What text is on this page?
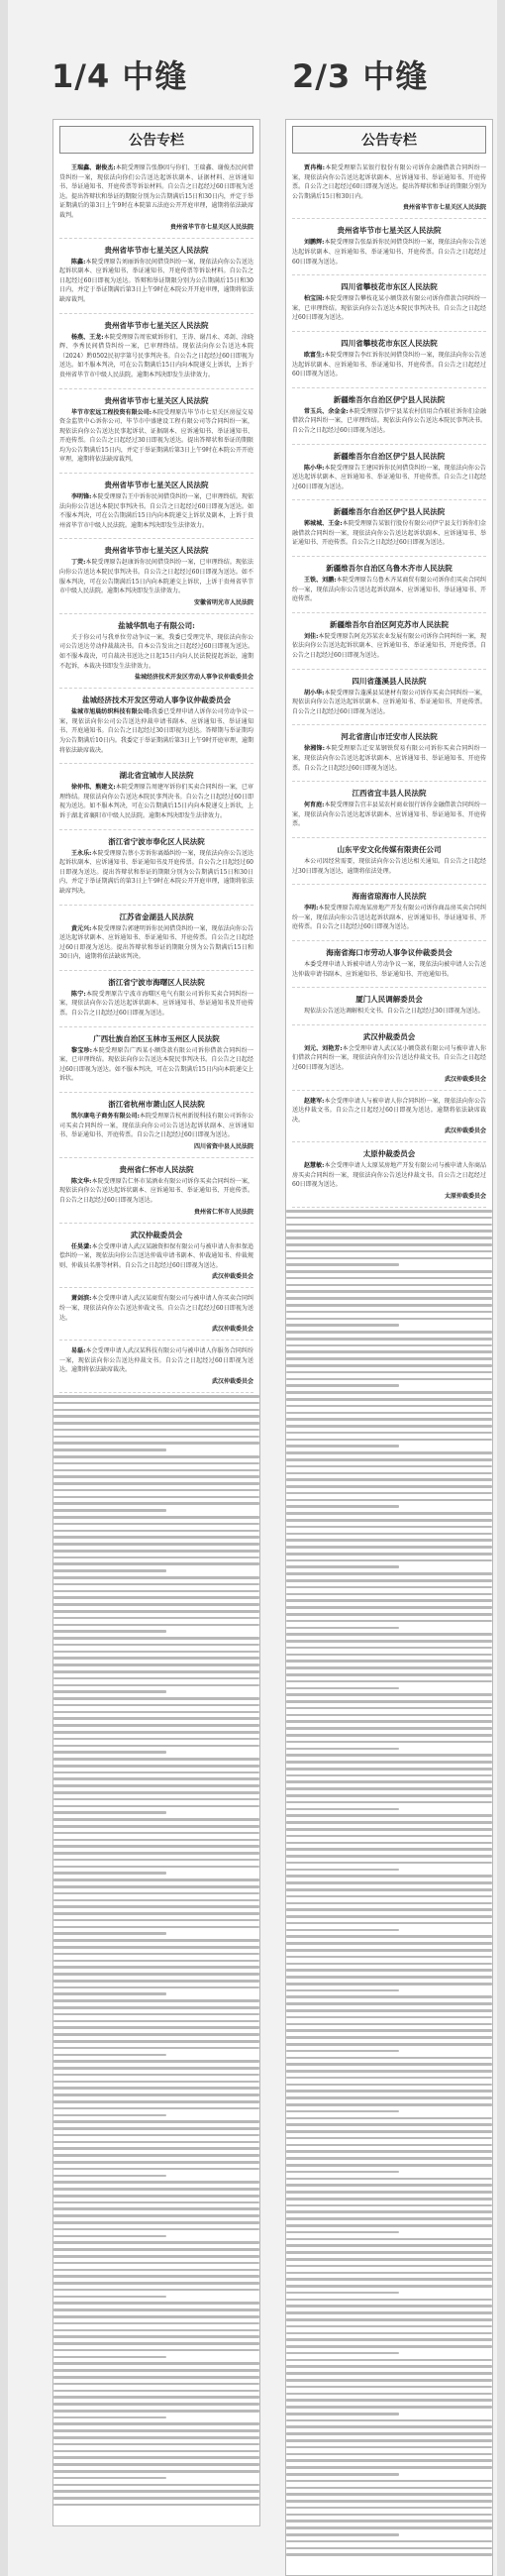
1/4 中缝	2/3 中缝
公告专栏
王瑞鑫、谢俊杰:本院受理原告张静因与你们、王瑞鑫、谢俊杰民间借贷纠纷一案，现依法向你们公告送达起诉状副本、证据材料、应诉通知书、举证通知书、开庭传票等诉讼材料。自公告之日起经过60日即视为送达。提出答辩状和举证的期限分别为公告期满后15日和30日内，并定于举证期满后的第3日上午9时在本院第五法庭公开开庭审理，逾期将依法缺席裁判。
贵州省毕节市七星关区人民法院
贵州省毕节市七星关区人民法院
陈鑫:本院受理原告刘丽诉你民间借贷纠纷一案，现依法向你公告送达起诉状副本、应诉通知书、举证通知书、开庭传票等诉讼材料。自公告之日起经过60日即视为送达。答辩和举证期限分别为公告期满后15日和30日内，并定于举证期满后第3日上午9时在本院公开开庭审理，逾期将依法缺席裁判。
贵州省毕节市七星关区人民法院
杨燕、王龙:本院受理原告周宏斌诉你们、王涛、谢昌永、邓剑、涂晓辉、李秀民间借贷纠纷一案，已审理终结。现依法向你公告送达本院（2024）黔0502民初字第号民事判决书。自公告之日起经过60日即视为送达。如不服本判决，可在公告期满后15日内向本院递交上诉状，上诉于贵州省毕节市中级人民法院。逾期本判决即发生法律效力。
贵州省毕节市七星关区人民法院
毕节市宏远工程投资有限公司:本院受理原告毕节市七星关区房屋交易资金监管中心诉你公司、毕节市中盛建设工程有限公司等合同纠纷一案，现依法向你公告送达民事起诉状、证据副本、应诉通知书、举证通知书、开庭传票。自公告之日起经过30日即视为送达。提出答辩状和举证的期限均为公告期满后15日内，并定于举证期满后第3日上午9时在本院公开开庭审理，逾期将依法缺席裁判。
贵州省毕节市七星关区人民法院
李明锋:本院受理原告王中诉你民间借贷纠纷一案，已审理终结。现依法向你公告送达本院民事判决书。自公告之日起经过60日即视为送达。如不服本判决，可在公告期满后15日内向本院递交上诉状及副本，上诉于贵州省毕节市中级人民法院。逾期本判决即发生法律效力。
贵州省毕节市七星关区人民法院
丁荧:本院受理原告赵康诉你民间借贷纠纷一案，已审理终结。现依法向你公告送达本院民事判决书。自公告之日起经过60日即视为送达。如不服本判决，可在公告期满后15日内向本院递交上诉状，上诉于贵州省毕节市中级人民法院。逾期本判决即发生法律效力。
安徽省明光市人民法院
盐城华凯电子有限公司:
关于你公司与我单位劳动争议一案，我委已受理完毕，现依法向你公司公告送达劳动仲裁裁决书。自本公告发出之日起经过60日即视为送达。如不服本裁决，可自裁决书送达之日起15日内向人民法院提起诉讼，逾期不起诉，本裁决书即发生法律效力。
盐城经济技术开发区劳动人事争议仲裁委员会
盐城经济技术开发区劳动人事争议仲裁委员会
盐城市旭晨纺织科技有限公司:我委已受理申请人诉你公司劳动争议一案，现依法向你公司公告送达仲裁申请书副本、应诉通知书、举证通知书、开庭通知书。自公告之日起经过30日即视为送达。答辩期与举证期均为公告期满后10日内。我委定于举证期满后第3日上午9时开庭审理，逾期将依法缺席裁决。
湖北省宜城市人民法院
徐仲伟、熊建文:本院受理原告周建军诉你们买卖合同纠纷一案，已审理终结。现依法向你公告送达本院民事判决书。自公告之日起经过60日即视为送达。如不服本判决，可在公告期满后15日内向本院递交上诉状，上诉于湖北省襄阳市中级人民法院。逾期本判决即发生法律效力。
浙江省宁波市奉化区人民法院
王永乐:本院受理原告蔡小芳诉你离婚纠纷一案，现依法向你公告送达起诉状副本、应诉通知书、举证通知书及开庭传票。自公告之日起经过60日即视为送达。提出答辩状和举证的期限分别为公告期满后15日和30日内，并定于举证期满后的第3日上午9时在本院公开开庭审理，逾期将依法缺席判决。
江苏省金湖县人民法院
黄元兴:本院受理原告郭建明诉你民间借贷纠纷一案，现依法向你公告送达起诉状副本、应诉通知书、举证通知书、开庭传票。自公告之日起经过60日即视为送达。提出答辩状和举证的期限分别为公告期满后15日和30日内，逾期将依法缺席判决。
浙江省宁波市海曙区人民法院
陈宁:本院受理原告宁波市海曙区电气有限公司诉你买卖合同纠纷一案，现依法向你公告送达起诉状副本、应诉通知书、举证通知书及开庭传票。自公告之日起经过60日即视为送达。
广西壮族自治区玉林市玉州区人民法院
黎宝珍:本院受理原告广西某小额贷款有限公司诉你借款合同纠纷一案，已审理终结。现依法向你公告送达本院民事判决书。自公告之日起经过60日即视为送达。如不服本判决，可在公告期满后15日内向本院递交上诉状。
浙江省杭州市萧山区人民法院
凯尔康电子商务有限公司:本院受理原告杭州新锐科技有限公司诉你公司买卖合同纠纷一案，现依法向你公司公告送达起诉状副本、应诉通知书、举证通知书、开庭传票。自公告之日起经过60日即视为送达。
四川省资中县人民法院
贵州省仁怀市人民法院
陈文华:本院受理原告仁怀市某酒业有限公司诉你买卖合同纠纷一案，现依法向你公告送达起诉状副本、应诉通知书、举证通知书、开庭传票。自公告之日起经过60日即视为送达。
贵州省仁怀市人民法院
武汉仲裁委员会
任昊潇:本会受理申请人武汉某融资担保有限公司与被申请人你担保追偿纠纷一案，现依法向你公告送达仲裁申请书副本、仲裁通知书、仲裁规则、仲裁员名册等材料。自公告之日起经过60日即视为送达。
武汉仲裁委员会
萧剑滨:本会受理申请人武汉某商贸有限公司与被申请人你买卖合同纠纷一案，现依法向你公告送达仲裁文书。自公告之日起经过60日即视为送达。
武汉仲裁委员会
易磊:本会受理申请人武汉某科技有限公司与被申请人你服务合同纠纷一案，现依法向你公告送达仲裁文书。自公告之日起经过60日即视为送达。逾期将依法缺席裁决。
武汉仲裁委员会
公告专栏
贾冉梅:本院受理原告某银行股份有限公司诉你金融借款合同纠纷一案，现依法向你公告送达起诉状副本、应诉通知书、举证通知书、开庭传票。自公告之日起经过60日即视为送达。提出答辩状和举证的期限分别为公告期满后15日和30日内。
贵州省毕节市七星关区人民法院
贵州省毕节市七星关区人民法院
刘鹏辉:本院受理原告张磊诉你民间借贷纠纷一案，现依法向你公告送达起诉状副本、应诉通知书、举证通知书、开庭传票。自公告之日起经过60日即视为送达。
四川省攀枝花市东区人民法院
柏宝国:本院受理原告攀枝花某小额贷款有限公司诉你借款合同纠纷一案，已审理终结。现依法向你公告送达本院民事判决书。自公告之日起经过60日即视为送达。
四川省攀枝花市东区人民法院
欧富生:本院受理原告李红诉你民间借贷纠纷一案，现依法向你公告送达起诉状副本、应诉通知书、举证通知书、开庭传票。自公告之日起经过60日即视为送达。
新疆维吾尔自治区伊宁县人民法院
常玉兵、余金金:本院受理原告伊宁县某农村信用合作联社诉你们金融借款合同纠纷一案，已审理终结。现依法向你公告送达本院民事判决书。自公告之日起经过60日即视为送达。
新疆维吾尔自治区伊宁县人民法院
陈小华:本院受理原告王建国诉你民间借贷纠纷一案，现依法向你公告送达起诉状副本、应诉通知书、举证通知书、开庭传票。自公告之日起经过60日即视为送达。
新疆维吾尔自治区伊宁县人民法院
郭城城、王金:本院受理原告某银行股份有限公司伊宁县支行诉你们金融借款合同纠纷一案，现依法向你公告送达起诉状副本、应诉通知书、举证通知书、开庭传票。自公告之日起经过60日即视为送达。
新疆维吾尔自治区乌鲁木齐市人民法院
王铁、刘鹏:本院受理原告乌鲁木齐某商贸有限公司诉你们买卖合同纠纷一案，现依法向你公告送达起诉状副本、应诉通知书、举证通知书、开庭传票。
新疆维吾尔自治区阿克苏市人民法院
刘佳:本院受理原告阿克苏某农业发展有限公司诉你合同纠纷一案，现依法向你公告送达起诉状副本、应诉通知书、举证通知书、开庭传票。自公告之日起经过60日即视为送达。
四川省蓬溪县人民法院
胡小华:本院受理原告蓬溪县某建材有限公司诉你买卖合同纠纷一案，现依法向你公告送达起诉状副本、应诉通知书、举证通知书、开庭传票。自公告之日起经过60日即视为送达。
河北省唐山市迁安市人民法院
徐湘锋:本院受理原告迁安某钢铁贸易有限公司诉你买卖合同纠纷一案，现依法向你公告送达起诉状副本、应诉通知书、举证通知书、开庭传票。自公告之日起经过60日即视为送达。
江西省宜丰县人民法院
何育庭:本院受理原告宜丰县某农村商业银行诉你金融借款合同纠纷一案，现依法向你公告送达起诉状副本、应诉通知书、举证通知书、开庭传票。
山东平安文化传媒有限责任公司
本公司因经营需要，现依法向你公告送达相关通知。自公告之日起经过30日即视为送达，逾期将依法处理。
海南省琼海市人民法院
李明:本院受理原告琼海某房地产开发有限公司诉你商品房买卖合同纠纷一案，现依法向你公告送达起诉状副本、应诉通知书、举证通知书、开庭传票。自公告之日起经过60日即视为送达。
海南省海口市劳动人事争议仲裁委员会
本委受理申请人诉被申请人劳动争议一案，现依法向被申请人公告送达仲裁申请书副本、应诉通知书、举证通知书、开庭通知书。
厦门人民调解委员会
现依法公告送达调解相关文书。自公告之日起经过30日即视为送达。
武汉仲裁委员会
刘元、刘艳芳:本会受理申请人武汉某小额贷款有限公司与被申请人你们借款合同纠纷一案，现依法向你们公告送达仲裁文书。自公告之日起经过60日即视为送达。
武汉仲裁委员会
赵建军:本会受理申请人与被申请人你合同纠纷一案，现依法向你公告送达仲裁文书。自公告之日起经过60日即视为送达。逾期将依法缺席裁决。
武汉仲裁委员会
太原仲裁委员会
赵慧敏:本会受理申请人太原某房地产开发有限公司与被申请人你商品房买卖合同纠纷一案，现依法向你公告送达仲裁文书。自公告之日起经过60日即视为送达。
太原仲裁委员会
